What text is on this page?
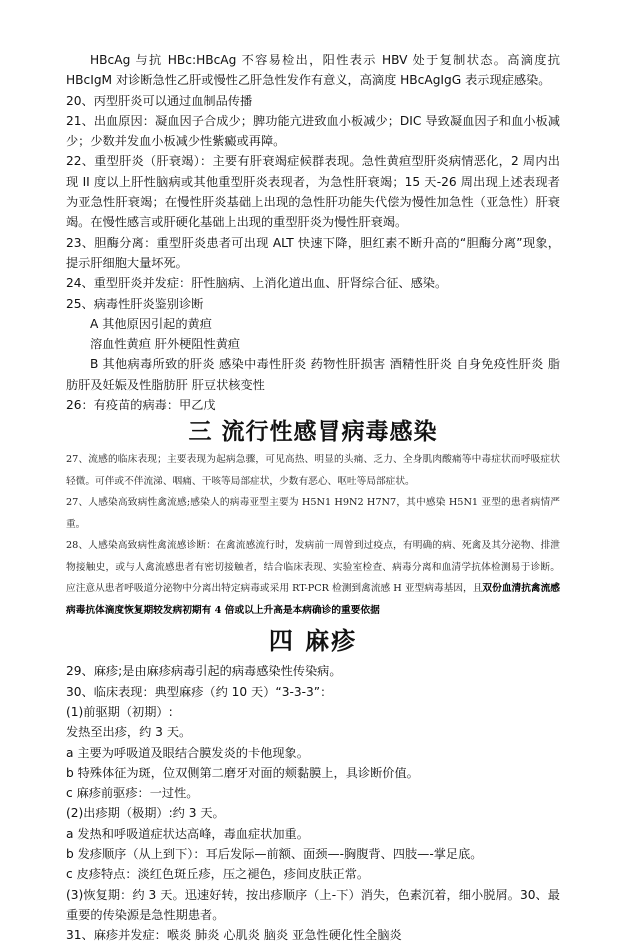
HBcAg 与抗 HBc:HBcAg 不容易检出，阳性表示 HBV 处于复制状态。高滴度抗 HBcIgM 对诊断急性乙肝或慢性乙肝急性发作有意义，高滴度 HBcAgIgG 表示现症感染。

20、丙型肝炎可以通过血制品传播

21、出血原因：凝血因子合成少；脾功能亢进致血小板减少；DIC 导致凝血因子和血小板减少；少数并发血小板减少性紫癜或再障。

22、重型肝炎（肝衰竭）：主要有肝衰竭症候群表现。急性黄疸型肝炎病情恶化，2 周内出现 II 度以上肝性脑病或其他重型肝炎表现者，为急性肝衰竭；15 天-26 周出现上述表现者为亚急性肝衰竭；在慢性肝炎基础上出现的急性肝功能失代偿为慢性加急性（亚急性）肝衰竭。在慢性感言或肝硬化基础上出现的重型肝炎为慢性肝衰竭。

23、胆酶分离：重型肝炎患者可出现 ALT 快速下降，胆红素不断升高的“胆酶分离”现象，提示肝细胞大量坏死。

24、重型肝炎并发症：肝性脑病、上消化道出血、肝肾综合征、感染。

25、病毒性肝炎鉴别诊断

A 其他原因引起的黄疸

溶血性黄疸 肝外梗阻性黄疸

B 其他病毒所致的肝炎 感染中毒性肝炎 药物性肝损害 酒精性肝炎 自身免疫性肝炎 脂肪肝及妊娠及性脂肪肝 肝豆状核变性

26：有疫苗的病毒：甲乙戊

三 流行性感冒病毒感染

27、流感的临床表现；主要表现为起病急骤，可见高热、明显的头痛、乏力、全身肌肉酸痛等中毒症状而呼吸症状轻微。可伴或不伴流涕、咽痛、干咳等局部症状，少数有恶心、呕吐等局部症状。

27、人感染高致病性禽流感;感染人的病毒亚型主要为 H5N1 H9N2 H7N7，其中感染 H5N1 亚型的患者病情严重。

28、人感染高致病性禽流感诊断：在禽流感流行时，发病前一周曾到过疫点，有明确的病、死禽及其分泌物、排泄物接触史，或与人禽流感患者有密切接触者，结合临床表现、实验室检查、病毒分离和血清学抗体检测易于诊断。应注意从患者呼吸道分泌物中分离出特定病毒或采用 RT-PCR 检测到禽流感 H 亚型病毒基因，且双份血清抗禽流感病毒抗体滴度恢复期较发病初期有 4 倍或以上升高是本病确诊的重要依据

四 麻疹

29、麻疹;是由麻疹病毒引起的病毒感染性传染病。

30、临床表现：典型麻疹（约 10 天）“3-3-3”：

(1)前驱期（初期）:

发热至出疹，约 3 天。

a 主要为呼吸道及眼结合膜发炎的卡他现象。

b 特殊体征为斑，位双侧第二磨牙对面的颊黏膜上，具诊断价值。

c 麻疹前驱疹：一过性。

(2)出疹期（极期）:约 3 天。

a 发热和呼吸道症状达高峰，毒血症状加重。

b 发疹顺序（从上到下）：耳后发际—前额、面颈—-胸腹背、四肢—-掌足底。

c 皮疹特点：淡红色斑丘疹，压之褪色，疹间皮肤正常。

(3)恢复期：约 3 天。迅速好转，按出疹顺序（上-下）消失，色素沉着，细小脱屑。30、最重要的传染源是急性期患者。

31、麻疹并发症：喉炎 肺炎 心肌炎 脑炎 亚急性硬化性全脑炎
